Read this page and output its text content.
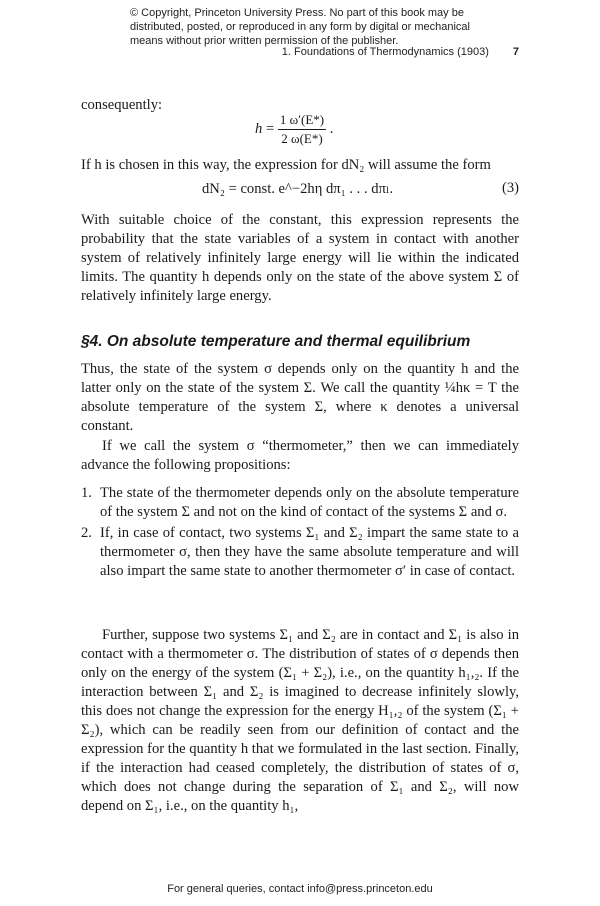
© Copyright, Princeton University Press. No part of this book may be distributed, posted, or reproduced in any form by digital or mechanical means without prior written permission of the publisher.
1. Foundations of Thermodynamics (1903) 7

consequently:

$h = \frac{1 \omega'(E*)}{2 \omega(E*)}$ .

If h is chosen in this way, the expression for dN₂ will assume the form

dN₂ = const. e^−2hη dπ₁ . . . dπₗ.	(3)

With suitable choice of the constant, this expression represents the probability that the state variables of a system in contact with another system of relatively infinitely large energy will lie within the indicated limits. The quantity h depends only on the state of the above system Σ of relatively infinitely large energy.

§4. On absolute temperature and thermal equilibrium

Thus, the state of the system σ depends only on the quantity h and the latter only on the state of the system Σ. We call the quantity ¼hκ = T the absolute temperature of the system Σ, where κ denotes a universal constant.

If we call the system σ “thermometer,” then we can immediately advance the following propositions:

1. The state of the thermometer depends only on the absolute temperature of the system Σ and not on the kind of contact of the systems Σ and σ.
2. If, in case of contact, two systems Σ₁ and Σ₂ impart the same state to a thermometer σ, then they have the same absolute temperature and will also impart the same state to another thermometer σ′ in case of contact.

Further, suppose two systems Σ₁ and Σ₂ are in contact and Σ₁ is also in contact with a thermometer σ. The distribution of states of σ depends then only on the energy of the system (Σ₁ + Σ₂), i.e., on the quantity h₁,₂. If the interaction between Σ₁ and Σ₂ is imagined to decrease infinitely slowly, this does not change the expression for the energy H₁,₂ of the system (Σ₁ + Σ₂), which can be readily seen from our definition of contact and the expression for the quantity h that we formulated in the last section. Finally, if the interaction had ceased completely, the distribution of states of σ, which does not change during the separation of Σ₁ and Σ₂, will now depend on Σ₁, i.e., on the quantity h₁,

For general queries, contact info@press.princeton.edu
